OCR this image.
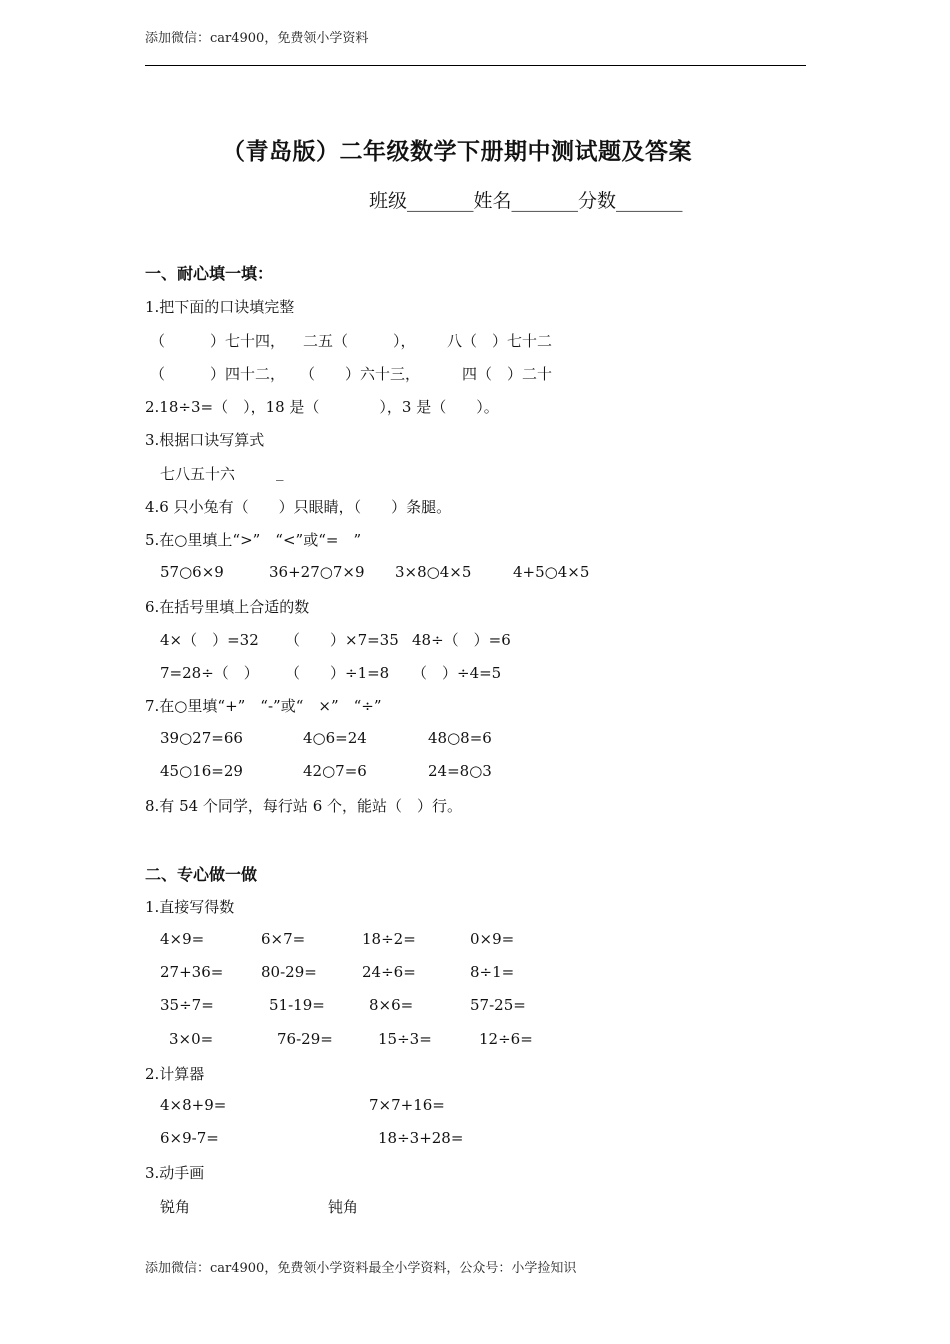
添加微信：car4900，免费领小学资料
（青岛版）二年级数学下册期中测试题及答案
班级_______姓名_______分数_______
一、耐心填一填：
1.把下面的口诀填完整
（　　　）七十四， 二五（　　　）， 八（　）七十二
（　　　）四十二， （　　）六十三，	四（　）二十
2.18÷3=（　），18 是（　　　　），3 是（　　）。
3.根据口诀写算式
七八五十六	_
4.6 只小兔有（　　）只眼睛，（　　）条腿。
5.在○里填上“>”　“<”或“=　”
57○6×9	36+27○7×9 3×8○4×5	4+5○4×5
6.在括号里填上合适的数
4×（　）=32 （　　）×7=35 48÷（　）=6
7=28÷（　） （　　）÷1=8 （　）÷4=5
7.在○里填“+”　“-”或“　×”　“÷”
39○27=66	4○6=24	48○8=6
45○16=29	42○7=6	24=8○3
8.有 54 个同学，每行站 6 个，能站（　）行。
二、专心做一做
1.直接写得数
4×9=	6×7=	18÷2=	0×9=
27+36=	80-29=	24÷6=	8÷1=
35÷7=	51-19=	8×6=	57-25=
3×0=	76-29=	15÷3=	12÷6=
2.计算器
4×8+9=	7×7+16=
6×9-7=	18÷3+28=
3.动手画
锐角	钝角
添加微信：car4900，免费领小学资料最全小学资料，公众号：小学捡知识
